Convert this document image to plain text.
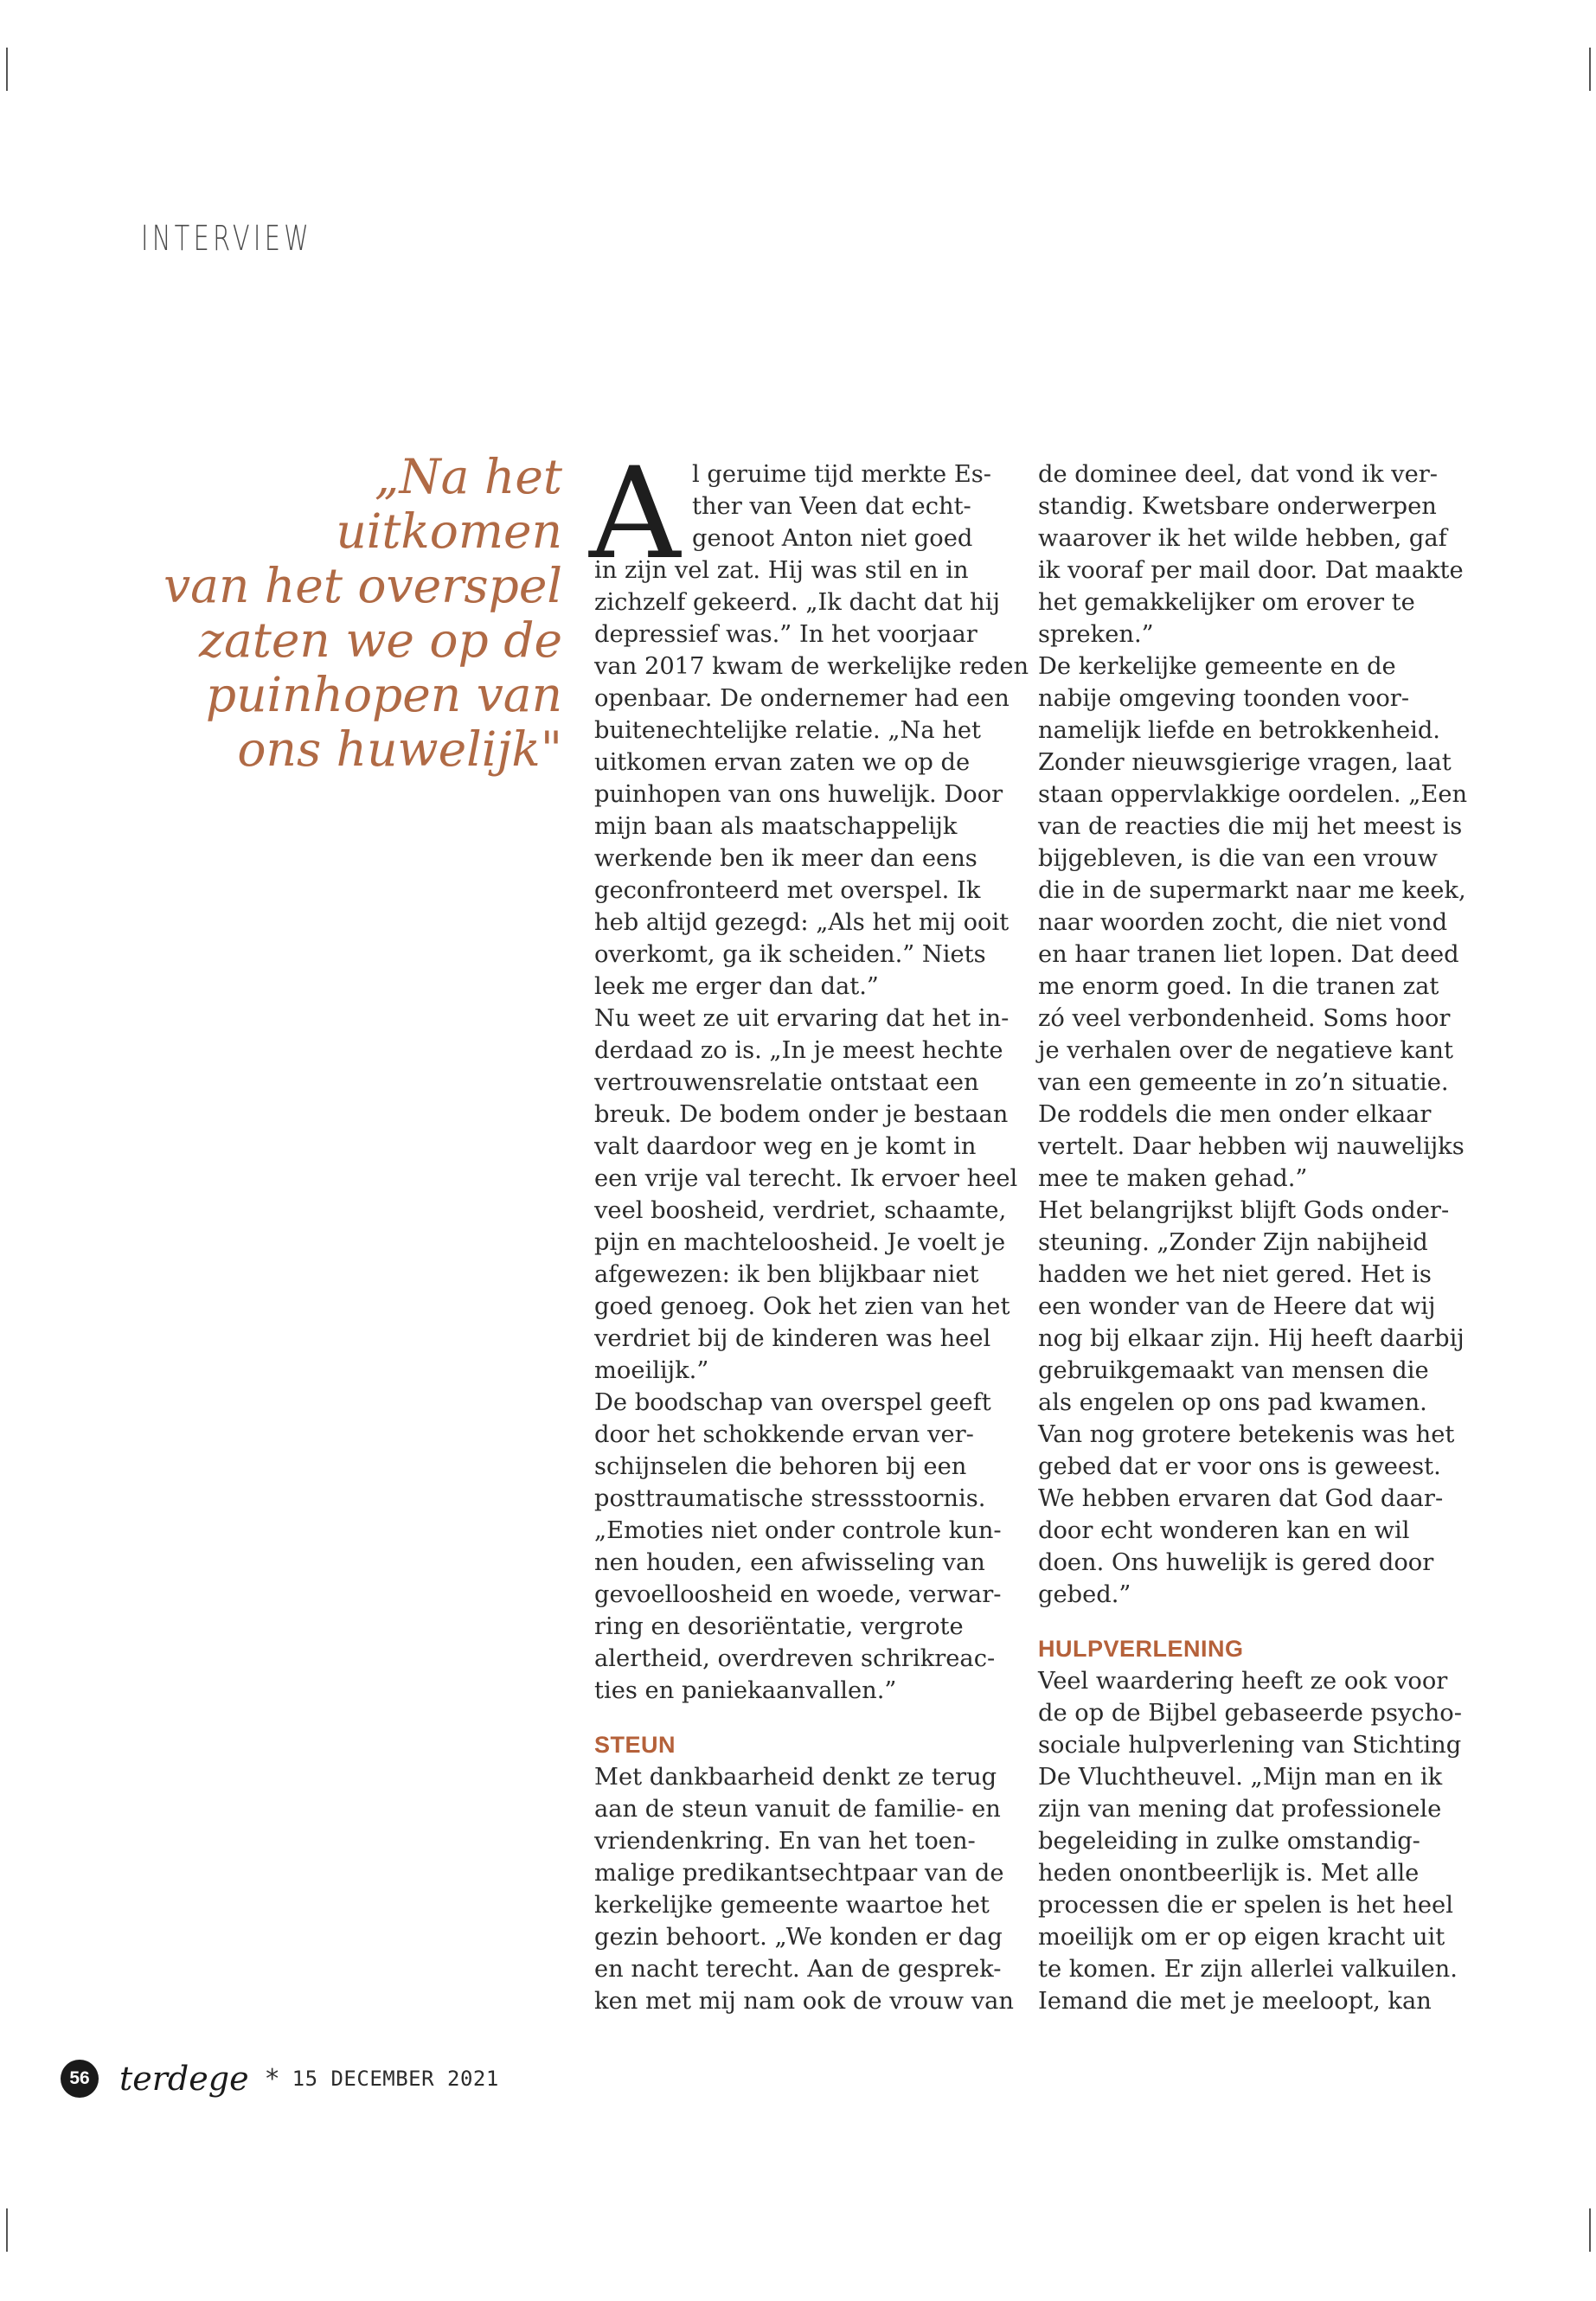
INTERVIEW
„Na het uitkomen
van het overspel
zaten we op de
puinhopen van
ons huwelijk"
A l geruime tijd merkte Es-
ther van Veen dat echt-
genoot Anton niet goed
in zijn vel zat. Hij was stil en in
zichzelf gekeerd. „Ik dacht dat hij
depressief was.” In het voorjaar
van 2017 kwam de werkelijke reden
openbaar. De ondernemer had een
buitenechtelijke relatie. „Na het
uitkomen ervan zaten we op de
puinhopen van ons huwelijk. Door
mijn baan als maatschappelijk
werkende ben ik meer dan eens
geconfronteerd met overspel. Ik
heb altijd gezegd: „Als het mij ooit
overkomt, ga ik scheiden.” Niets
leek me erger dan dat.”
Nu weet ze uit ervaring dat het in-
derdaad zo is. „In je meest hechte
vertrouwensrelatie ontstaat een
breuk. De bodem onder je bestaan
valt daardoor weg en je komt in
een vrije val terecht. Ik ervoer heel
veel boosheid, verdriet, schaamte,
pijn en machteloosheid. Je voelt je
afgewezen: ik ben blijkbaar niet
goed genoeg. Ook het zien van het
verdriet bij de kinderen was heel
moeilijk.”
De boodschap van overspel geeft
door het schokkende ervan ver-
schijnselen die behoren bij een
posttraumatische stressstoornis.
„Emoties niet onder controle kun-
nen houden, een afwisseling van
gevoelloosheid en woede, verwar-
ring en desoriëntatie, vergrote
alertheid, overdreven schrikreac-
ties en paniekaanvallen.”
STEUN
Met dankbaarheid denkt ze terug
aan de steun vanuit de familie- en
vriendenkring. En van het toen-
malige predikantsechtpaar van de
kerkelijke gemeente waartoe het
gezin behoort. „We konden er dag
en nacht terecht. Aan de gesprek-
ken met mij nam ook de vrouw van
de dominee deel, dat vond ik ver-
standig. Kwetsbare onderwerpen
waarover ik het wilde hebben, gaf
ik vooraf per mail door. Dat maakte
het gemakkelijker om erover te
spreken.”
De kerkelijke gemeente en de
nabije omgeving toonden voor-
namelijk liefde en betrokkenheid.
Zonder nieuwsgierige vragen, laat
staan oppervlakkige oordelen. „Een
van de reacties die mij het meest is
bijgebleven, is die van een vrouw
die in de supermarkt naar me keek,
naar woorden zocht, die niet vond
en haar tranen liet lopen. Dat deed
me enorm goed. In die tranen zat
zó veel verbondenheid. Soms hoor
je verhalen over de negatieve kant
van een gemeente in zo’n situatie.
De roddels die men onder elkaar
vertelt. Daar hebben wij nauwelijks
mee te maken gehad.”
Het belangrijkst blijft Gods onder-
steuning. „Zonder Zijn nabijheid
hadden we het niet gered. Het is
een wonder van de Heere dat wij
nog bij elkaar zijn. Hij heeft daarbij
gebruikgemaakt van mensen die
als engelen op ons pad kwamen.
Van nog grotere betekenis was het
gebed dat er voor ons is geweest.
We hebben ervaren dat God daar-
door echt wonderen kan en wil
doen. Ons huwelijk is gered door
gebed.”
HULPVERLENING
Veel waardering heeft ze ook voor
de op de Bijbel gebaseerde psycho-
sociale hulpverlening van Stichting
De Vluchtheuvel. „Mijn man en ik
zijn van mening dat professionele
begeleiding in zulke omstandig-
heden onontbeerlijk is. Met alle
processen die er spelen is het heel
moeilijk om er op eigen kracht uit
te komen. Er zijn allerlei valkuilen.
Iemand die met je meeloopt, kan
56 terdege * 15 DECEMBER 2021
